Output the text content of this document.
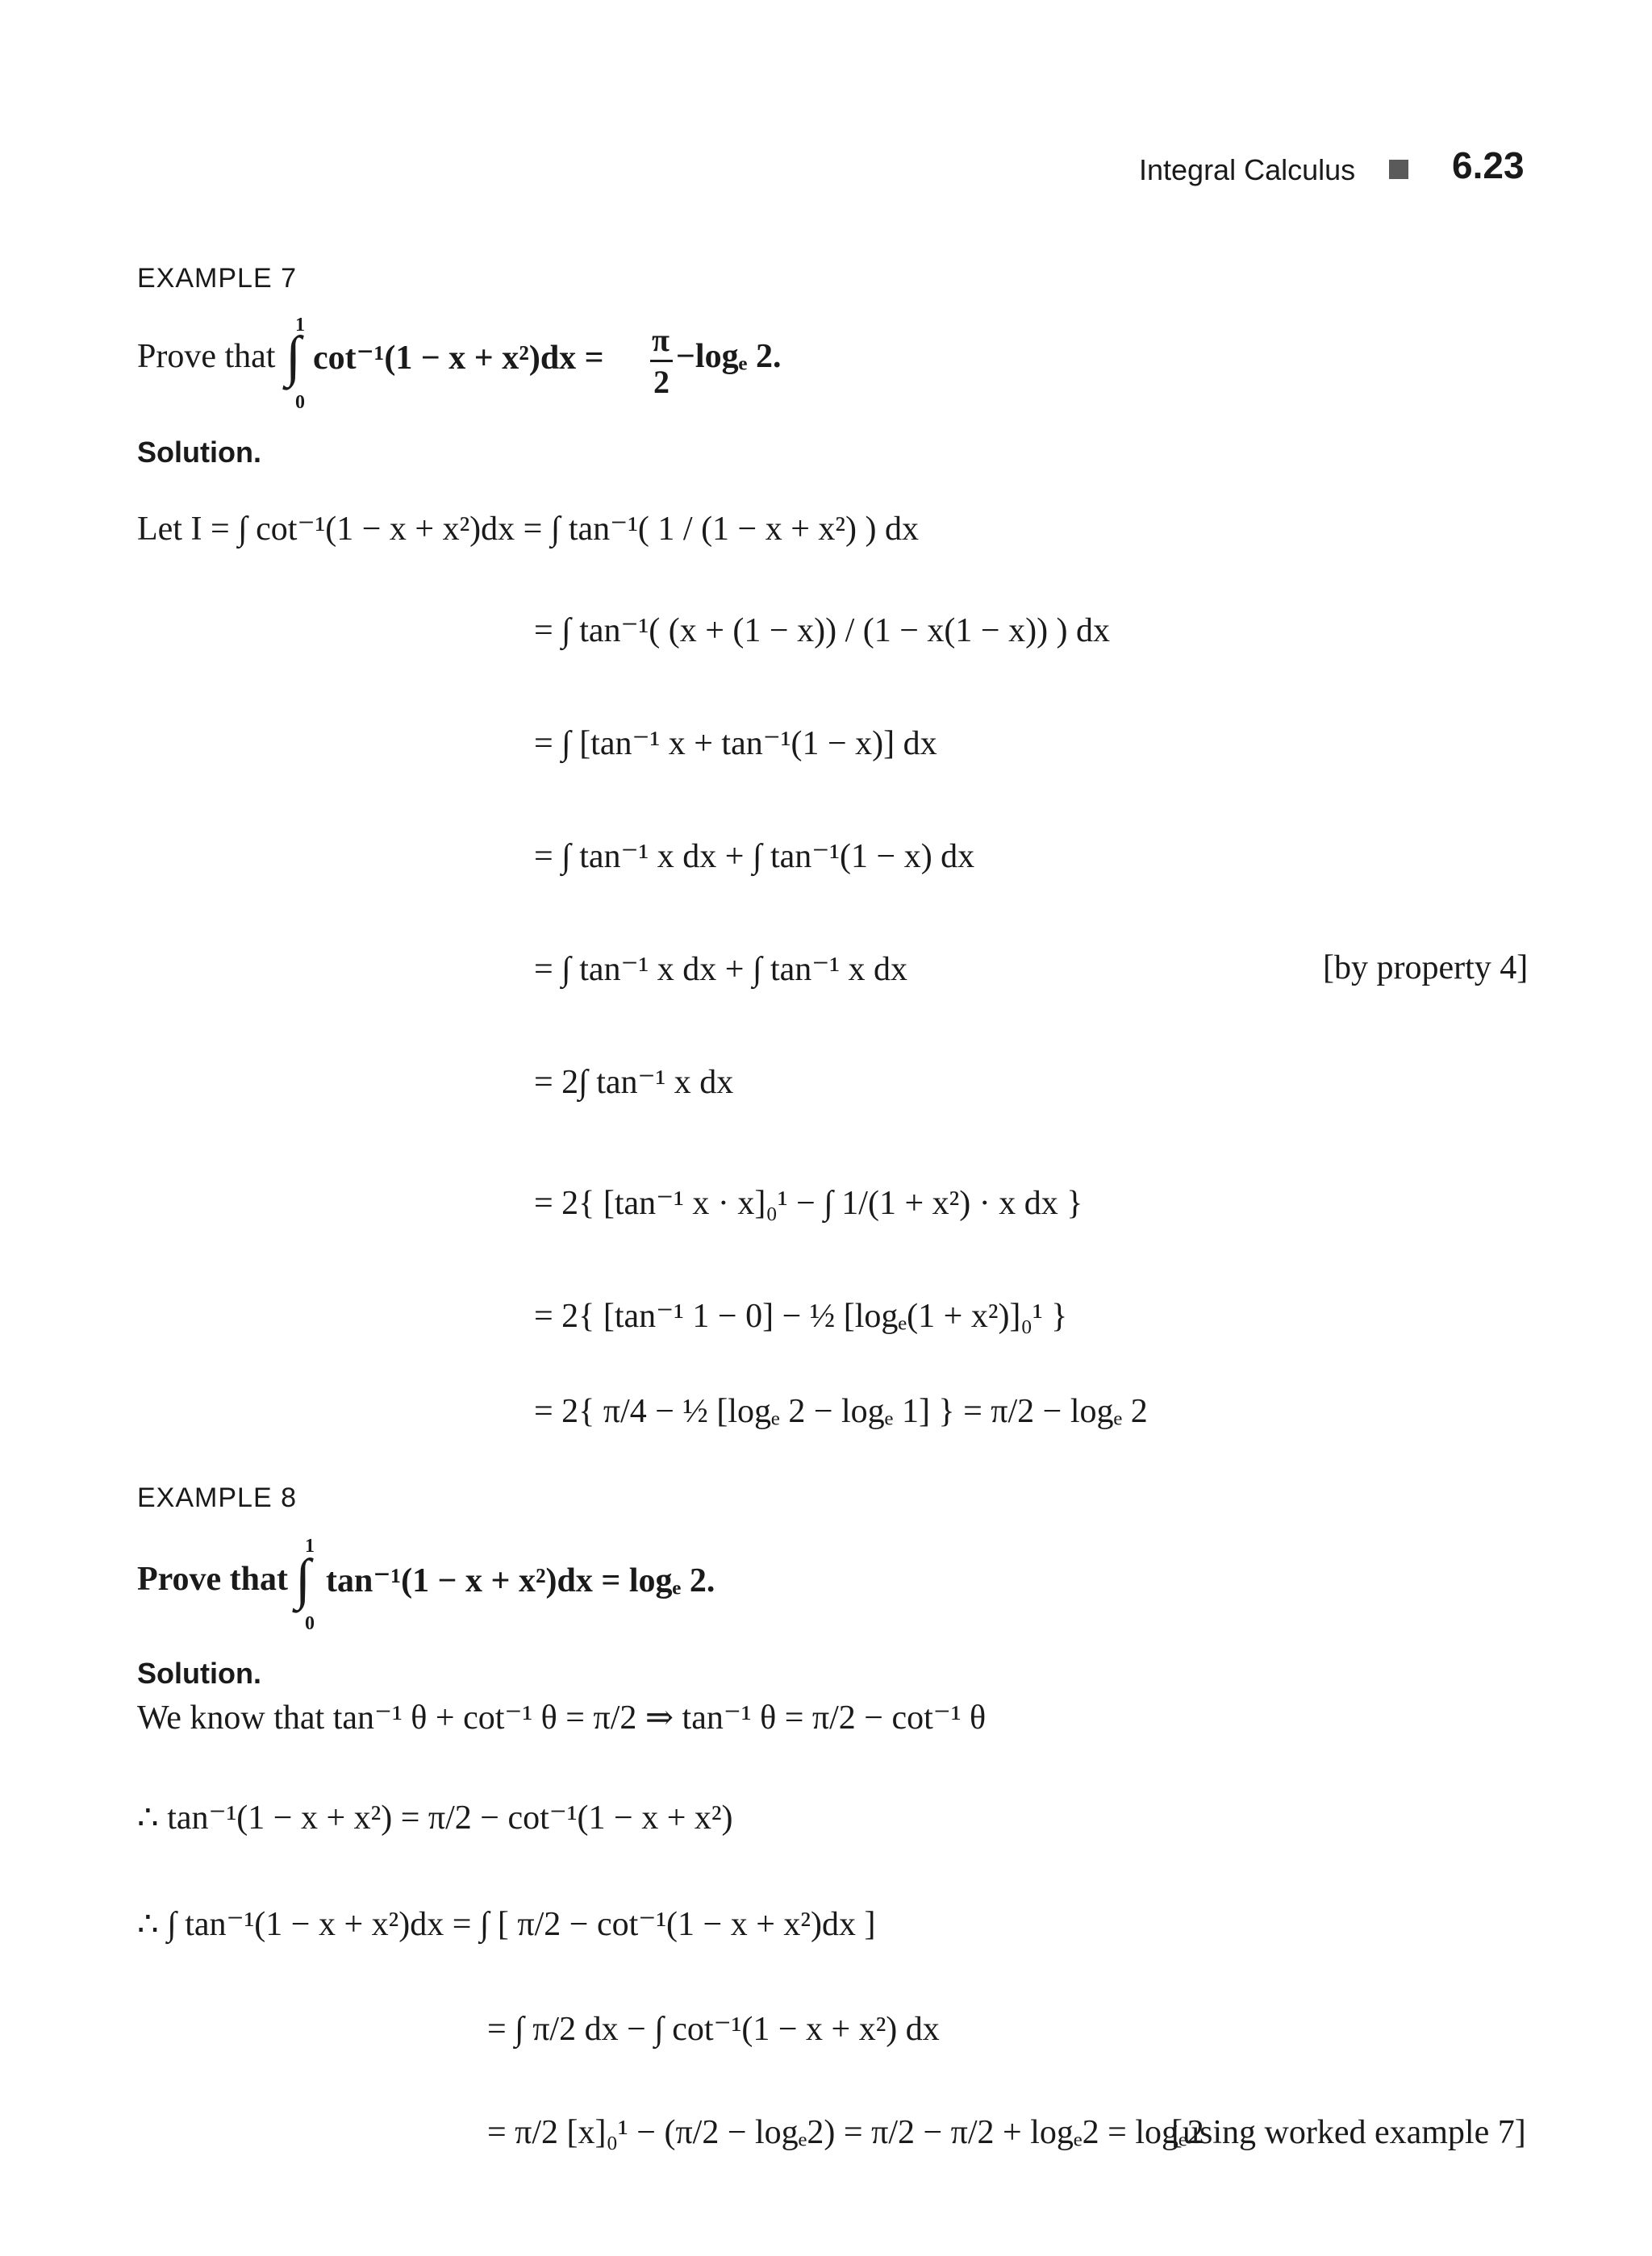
Integral Calculus	6.23
EXAMPLE 7
Prove that
1
∫
0
cot⁻¹(1 − x + x²)dx = π
2
−logₑ 2.
Solution.
Let I = ∫ cot⁻¹(1 − x + x²)dx = ∫ tan⁻¹( 1 / (1 − x + x²) ) dx
= ∫ tan⁻¹( (x + (1 − x)) / (1 − x(1 − x)) ) dx
= ∫ [tan⁻¹ x + tan⁻¹(1 − x)] dx
= ∫ tan⁻¹ x dx + ∫ tan⁻¹(1 − x) dx
= ∫ tan⁻¹ x dx + ∫ tan⁻¹ x dx	[by property 4]
= 2∫ tan⁻¹ x dx
= 2{ [tan⁻¹ x · x]₀¹ − ∫ 1/(1 + x²) · x dx }
= 2{ [tan⁻¹ 1 − 0] − ½ [logₑ(1 + x²)]₀¹ }
= 2{ π/4 − ½ [logₑ 2 − logₑ 1] } = π/2 − logₑ 2
EXAMPLE 8
Prove that
1
∫
0
tan⁻¹(1 − x + x²)dx = logₑ 2.
Solution.
We know that tan⁻¹ θ + cot⁻¹ θ = π/2 ⇒ tan⁻¹ θ = π/2 − cot⁻¹ θ
∴ tan⁻¹(1 − x + x²) = π/2 − cot⁻¹(1 − x + x²)
∴ ∫ tan⁻¹(1 − x + x²)dx = ∫ [ π/2 − cot⁻¹(1 − x + x²)dx ]
= ∫ π/2 dx − ∫ cot⁻¹(1 − x + x²) dx
= π/2 [x]₀¹ − (π/2 − logₑ2) = π/2 − π/2 + logₑ2 = logₑ2
[using worked example 7]
